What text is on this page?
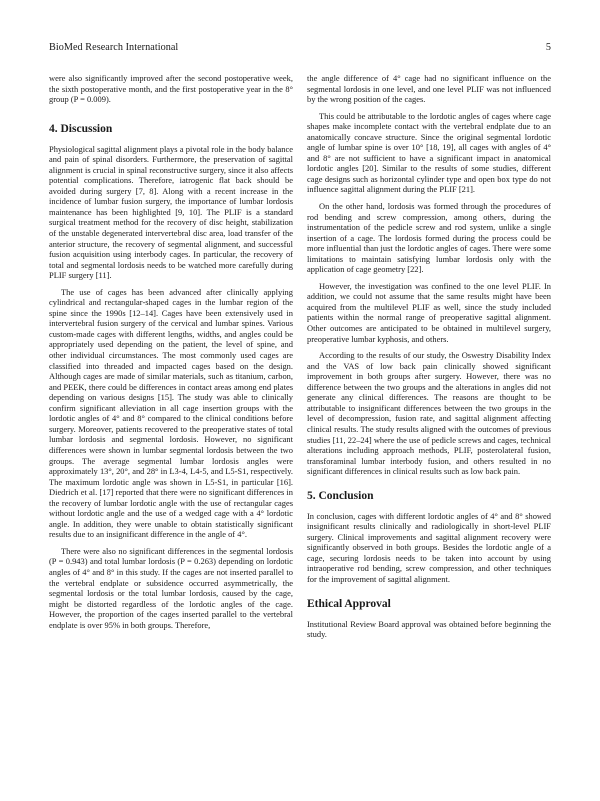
BioMed Research International	5

were also significantly improved after the second postoperative week, the sixth postoperative month, and the first postoperative year in the 8° group (P = 0.009).

4. Discussion

Physiological sagittal alignment plays a pivotal role in the body balance and pain of spinal disorders. Furthermore, the preservation of sagittal alignment is crucial in spinal reconstructive surgery, since it also affects potential complications. Therefore, iatrogenic flat back should be avoided during surgery [7, 8]. Along with a recent increase in the incidence of lumbar fusion surgery, the importance of lumbar lordosis maintenance has been highlighted [9, 10]. The PLIF is a standard surgical treatment method for the recovery of disc height, stabilization of the unstable degenerated intervertebral disc area, load transfer of the anterior structure, the recovery of segmental alignment, and successful fusion acquisition using interbody cages. In particular, the recovery of total and segmental lordosis needs to be watched more carefully during PLIF surgery [11].

The use of cages has been advanced after clinically applying cylindrical and rectangular-shaped cages in the lumbar region of the spine since the 1990s [12–14]. Cages have been extensively used in intervertebral fusion surgery of the cervical and lumbar spines. Various custom-made cages with different lengths, widths, and angles could be appropriately used depending on the patient, the level of spine, and other individual circumstances. The most commonly used cages are classified into threaded and impacted cages based on the design. Although cages are made of similar materials, such as titanium, carbon, and PEEK, there could be differences in contact areas among end plates depending on various designs [15]. The study was able to clinically confirm significant alleviation in all cage insertion groups with the lordotic angles of 4° and 8° compared to the clinical conditions before surgery. Moreover, patients recovered to the preoperative states of total lumbar lordosis and segmental lordosis. However, no significant differences were shown in lumbar segmental lordosis between the two groups. The average segmental lumbar lordosis angles were approximately 13°, 20°, and 28° in L3-4, L4-5, and L5-S1, respectively. The maximum lordotic angle was shown in L5-S1, in particular [16]. Diedrich et al. [17] reported that there were no significant differences in the recovery of lumbar lordotic angle with the use of rectangular cages without lordotic angle and the use of a wedged cage with a 4° lordotic angle. In addition, they were unable to obtain statistically significant results due to an insignificant difference in the angle of 4°.

There were also no significant differences in the segmental lordosis (P = 0.943) and total lumbar lordosis (P = 0.263) depending on lordotic angles of 4° and 8° in this study. If the cages are not inserted parallel to the vertebral endplate or subsidence occurred asymmetrically, the segmental lordosis or the total lumbar lordosis, caused by the cage, might be distorted regardless of the lordotic angles of the cage. However, the proportion of the cages inserted parallel to the vertebral endplate is over 95% in both groups. Therefore,

the angle difference of 4° cage had no significant influence on the segmental lordosis in one level, and one level PLIF was not influenced by the wrong position of the cages.

This could be attributable to the lordotic angles of cages where cage shapes make incomplete contact with the vertebral endplate due to an anatomically concave structure. Since the original segmental lordotic angle of lumbar spine is over 10° [18, 19], all cages with angles of 4° and 8° are not sufficient to have a significant impact in anatomical lordotic angles [20]. Similar to the results of some studies, different cage designs such as horizontal cylinder type and open box type do not influence sagittal alignment during the PLIF [21].

On the other hand, lordosis was formed through the procedures of rod bending and screw compression, among others, during the instrumentation of the pedicle screw and rod system, unlike a single insertion of a cage. The lordosis formed during the process could be more influential than just the lordotic angles of cages. There were some limitations to maintain satisfying lumbar lordosis only with the application of cage geometry [22].

However, the investigation was confined to the one level PLIF. In addition, we could not assume that the same results might have been acquired from the multilevel PLIF as well, since the study included patients within the normal range of preoperative sagittal alignment. Other outcomes are anticipated to be obtained in multilevel surgery, preoperative lumbar kyphosis, and others.

According to the results of our study, the Oswestry Disability Index and the VAS of low back pain clinically showed significant improvement in both groups after surgery. However, there was no difference between the two groups and the alterations in angles did not generate any clinical differences. The reasons are thought to be attributable to insignificant differences between the two groups in the level of decompression, fusion rate, and sagittal alignment affecting clinical results. The study results aligned with the outcomes of previous studies [11, 22–24] where the use of pedicle screws and cages, technical alterations including approach methods, PLIF, posterolateral fusion, transforaminal lumbar interbody fusion, and others resulted in no significant differences in clinical results such as low back pain.

5. Conclusion

In conclusion, cages with different lordotic angles of 4° and 8° showed insignificant results clinically and radiologically in short-level PLIF surgery. Clinical improvements and sagittal alignment recovery were significantly observed in both groups. Besides the lordotic angle of a cage, securing lordosis needs to be taken into account by using intraoperative rod bending, screw compression, and other techniques for the improvement of sagittal alignment.

Ethical Approval

Institutional Review Board approval was obtained before beginning the study.
